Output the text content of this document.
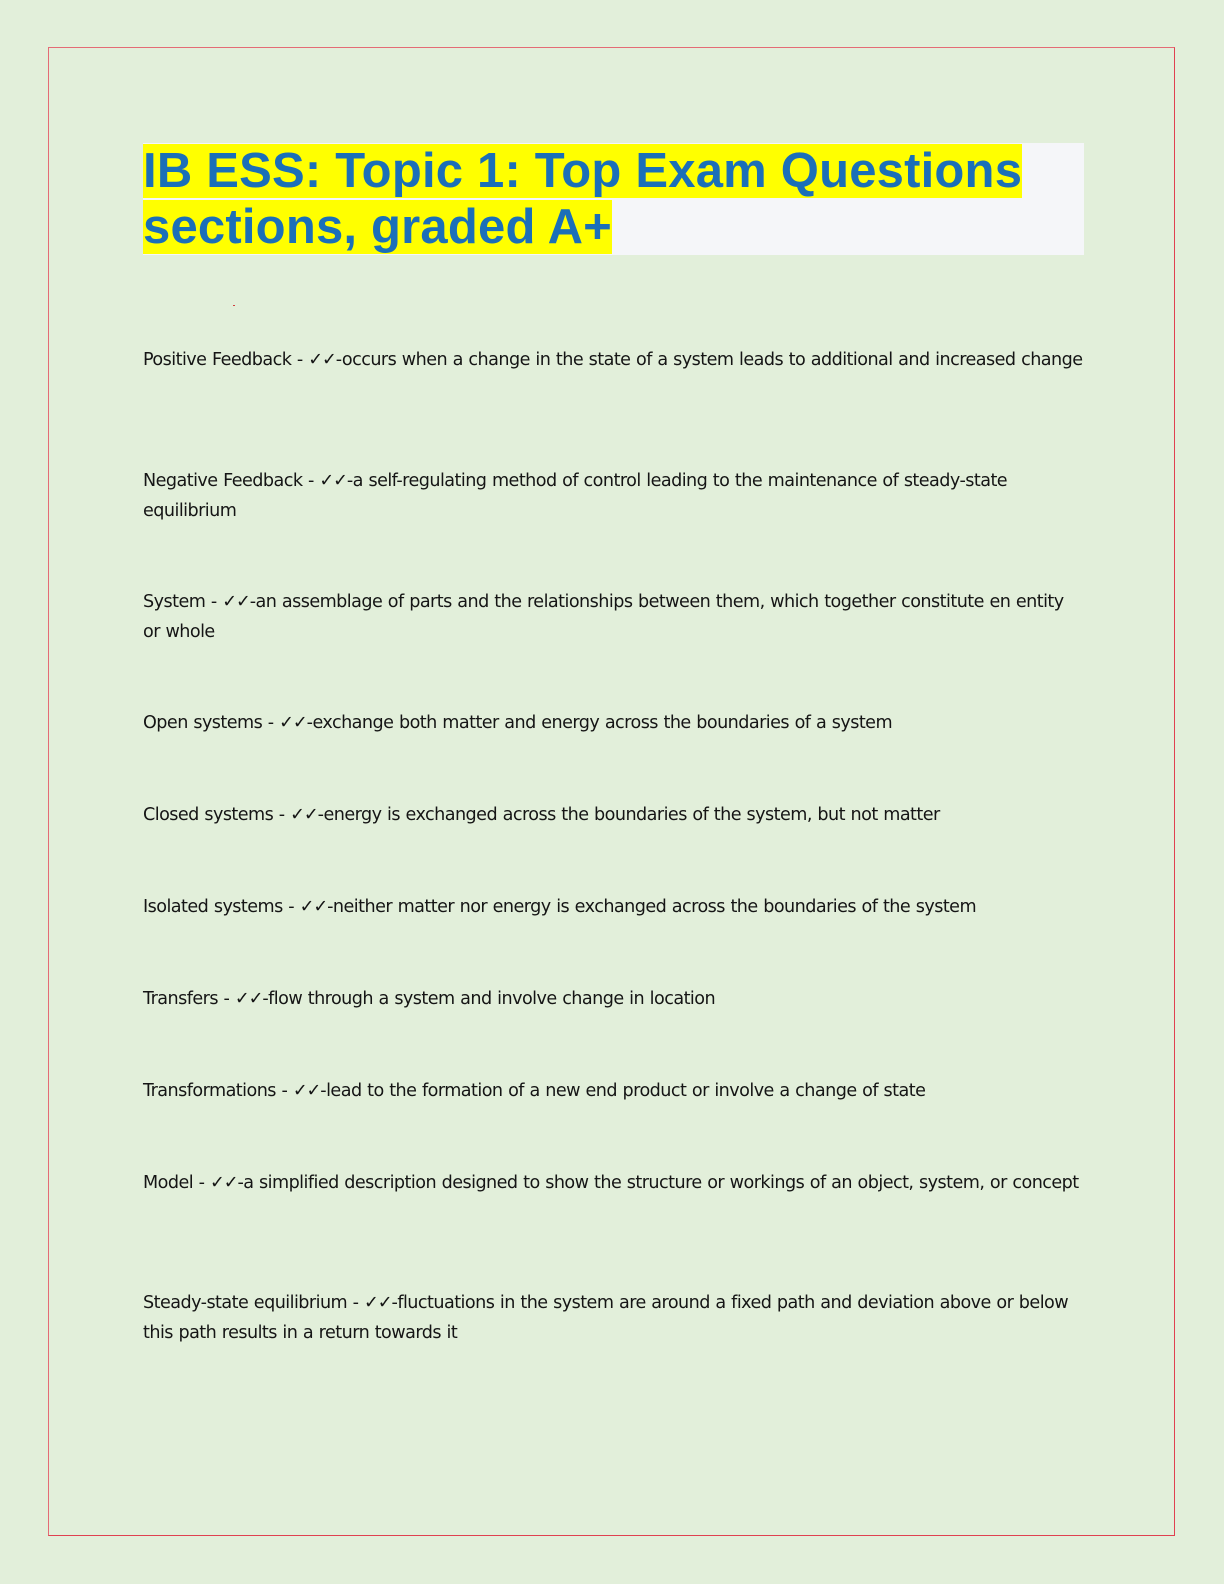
IB ESS: Topic 1: Top Exam Questions
sections, graded A+
Positive Feedback - ✓✓-occurs when a change in the state of a system leads to additional and increased change
Negative Feedback - ✓✓-a self-regulating method of control leading to the maintenance of steady-state equilibrium
System - ✓✓-an assemblage of parts and the relationships between them, which together constitute en entity or whole
Open systems - ✓✓-exchange both matter and energy across the boundaries of a system
Closed systems - ✓✓-energy is exchanged across the boundaries of the system, but not matter
Isolated systems - ✓✓-neither matter nor energy is exchanged across the boundaries of the system
Transfers - ✓✓-flow through a system and involve change in location
Transformations - ✓✓-lead to the formation of a new end product or involve a change of state
Model - ✓✓-a simplified description designed to show the structure or workings of an object, system, or concept
Steady-state equilibrium - ✓✓-fluctuations in the system are around a fixed path and deviation above or below this path results in a return towards it
